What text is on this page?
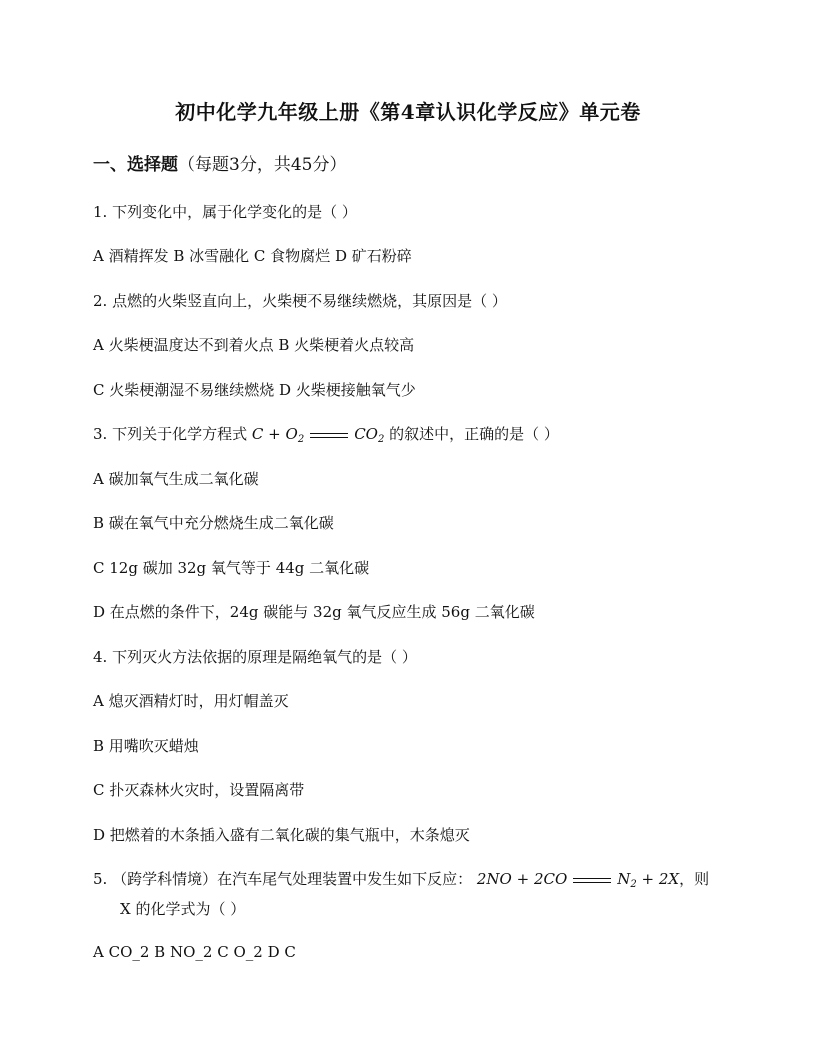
初中化学九年级上册《第4章认识化学反应》单元卷
一、选择题（每题3分，共45分）
1. 下列变化中，属于化学变化的是（ ）
A 酒精挥发 B 冰雪融化 C 食物腐烂 D 矿石粉碎
2. 点燃的火柴竖直向上，火柴梗不易继续燃烧，其原因是（ ）
A 火柴梗温度达不到着火点 B 火柴梗着火点较高
C 火柴梗潮湿不易继续燃烧 D 火柴梗接触氧气少
3. 下列关于化学方程式 $C + O_2$	$CO_2$ 的叙述中，正确的是（ ）
A 碳加氧气生成二氧化碳
B 碳在氧气中充分燃烧生成二氧化碳
C 12g 碳加 32g 氧气等于 44g 二氧化碳
D 在点燃的条件下，24g 碳能与 32g 氧气反应生成 56g 二氧化碳
4. 下列灭火方法依据的原理是隔绝氧气的是（ ）
A 熄灭酒精灯时，用灯帽盖灭
B 用嘴吹灭蜡烛
C 扑灭森林火灾时，设置隔离带
D 把燃着的木条插入盛有二氧化碳的集气瓶中，木条熄灭
5. （跨学科情境）在汽车尾气处理装置中发生如下反应： 2NO + 2CO	$N_2 + 2X$，则
X 的化学式为（ ）
A CO_2 B NO_2 C O_2 D C
